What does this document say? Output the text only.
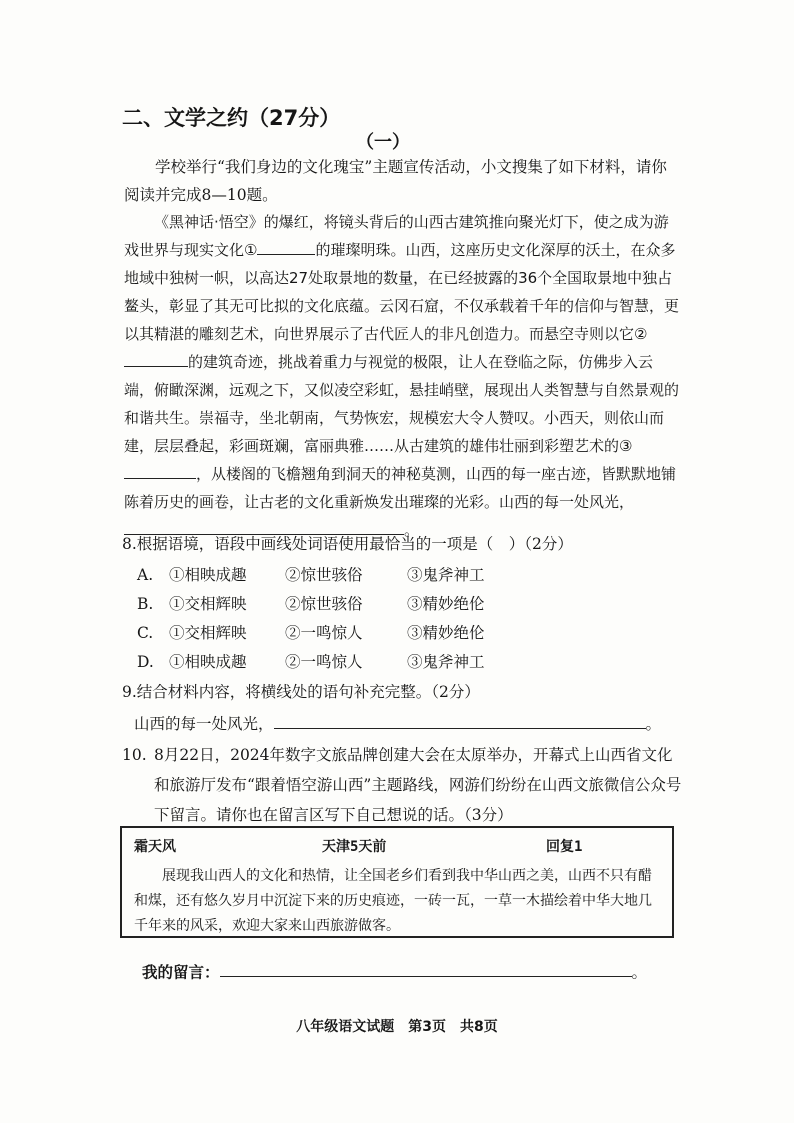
二、文学之约（27分）
（一）
学校举行“我们身边的文化瑰宝”主题宣传活动，小文搜集了如下材料，请你阅读并完成8—10题。
《黑神话·悟空》的爆红，将镜头背后的山西古建筑推向聚光灯下，使之成为游戏世界与现实文化①	的璀璨明珠。山西，这座历史文化深厚的沃土，在众多地域中独树一帜，以高达27处取景地的数量，在已经披露的36个全国取景地中独占鳌头，彰显了其无可比拟的文化底蕴。云冈石窟，不仅承载着千年的信仰与智慧，更以其精湛的雕刻艺术，向世界展示了古代匠人的非凡创造力。而悬空寺则以它②的建筑奇迹，挑战着重力与视觉的极限，让人在登临之际，仿佛步入云端，俯瞰深渊，远观之下，又似凌空彩虹，悬挂峭壁，展现出人类智慧与自然景观的和谐共生。崇福寺，坐北朝南，气势恢宏，规模宏大令人赞叹。小西天，则依山而建，层层叠起，彩画斑斓，富丽典雅……从古建筑的雄伟壮丽到彩塑艺术的③，从楼阁的飞檐翘角到洞天的神秘莫测，山西的每一座古迹，皆默默地铺陈着历史的画卷，让古老的文化重新焕发出璀璨的光彩。山西的每一处风光，。
8.根据语境，语段中画线处词语使用最恰当的一项是（　）（2分）
A. ①相映成趣 ②惊世骇俗	③鬼斧神工
B. ①交相辉映 ②惊世骇俗	③精妙绝伦
C. ①交相辉映 ②一鸣惊人	③精妙绝伦
D. ①相映成趣 ②一鸣惊人	③鬼斧神工
9.结合材料内容，将横线处的语句补充完整。（2分）
山西的每一处风光，	。
10. 8月22日，2024年数字文旅品牌创建大会在太原举办，开幕式上山西省文化和旅游厅发布“跟着悟空游山西”主题路线，网游们纷纷在山西文旅微信公众号下留言。请你也在留言区写下自己想说的话。（3分）
霜天风	天津5天前	回复1
展现我山西人的文化和热情，让全国老乡们看到我中华山西之美，山西不只有醋和煤，还有悠久岁月中沉淀下来的历史痕迹，一砖一瓦，一草一木描绘着中华大地几千年来的风采，欢迎大家来山西旅游做客。
我的留言：	。
八年级语文试题　第3页　共8页
